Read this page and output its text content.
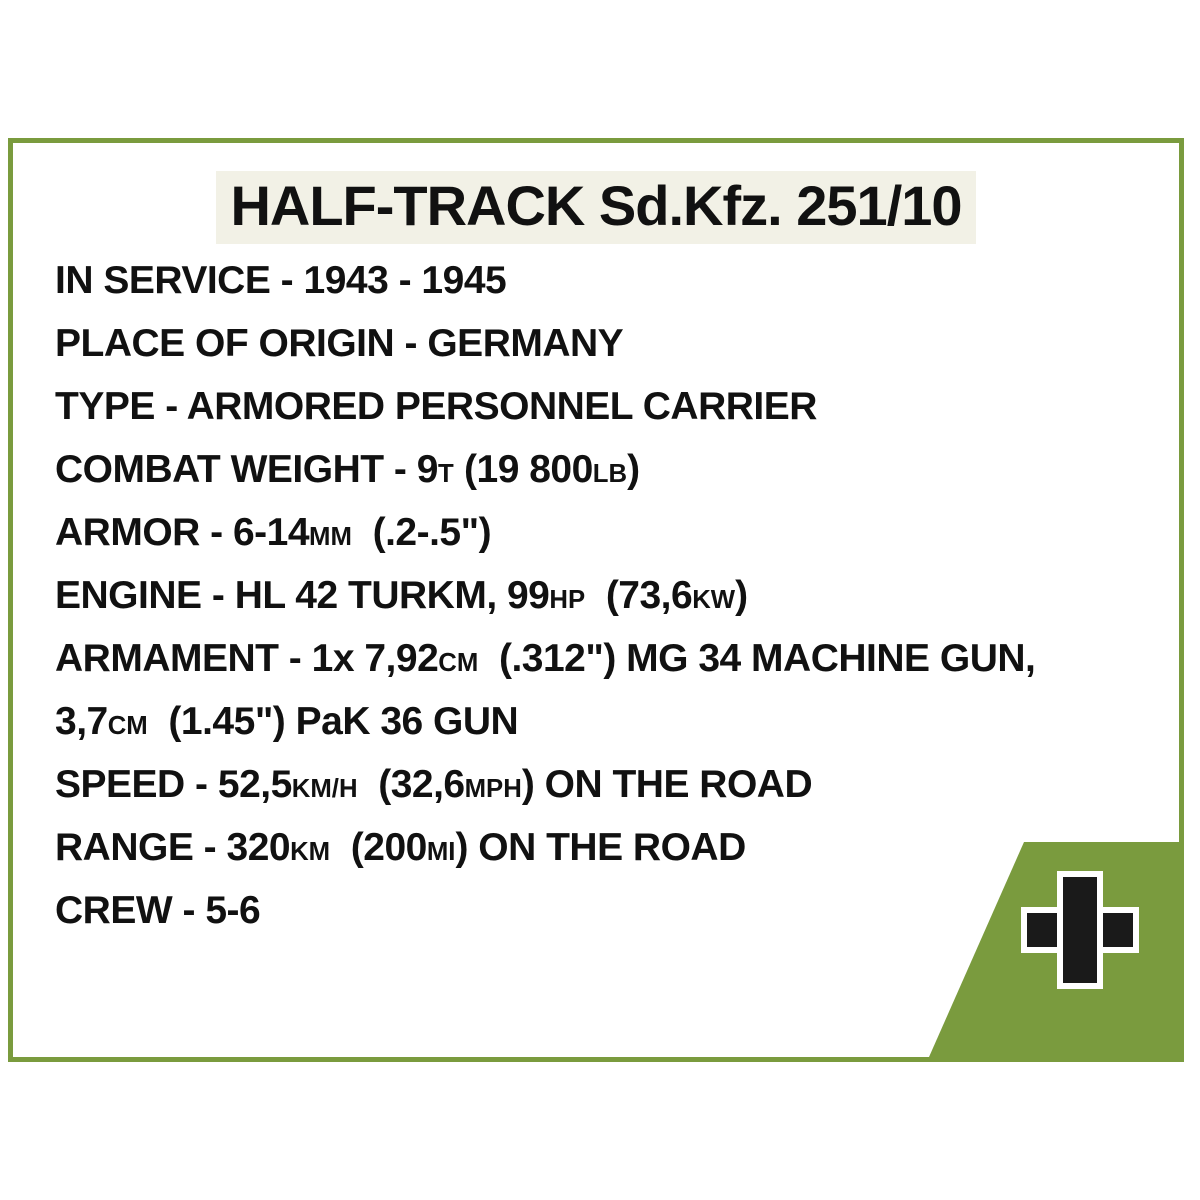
HALF-TRACK Sd.Kfz. 251/10
IN SERVICE - 1943 - 1945
PLACE OF ORIGIN - GERMANY
TYPE - ARMORED PERSONNEL CARRIER
COMBAT WEIGHT - 9T (19 800LB)
ARMOR - 6-14MM (.2-.5")
ENGINE - HL 42 TURKM, 99HP (73,6KW)
ARMAMENT - 1x 7,92CM (.312") MG 34 MACHINE GUN,
3,7CM (1.45") PaK 36 GUN
SPEED - 52,5KM/H (32,6MPH) ON THE ROAD
RANGE - 320KM (200MI) ON THE ROAD
CREW - 5-6
